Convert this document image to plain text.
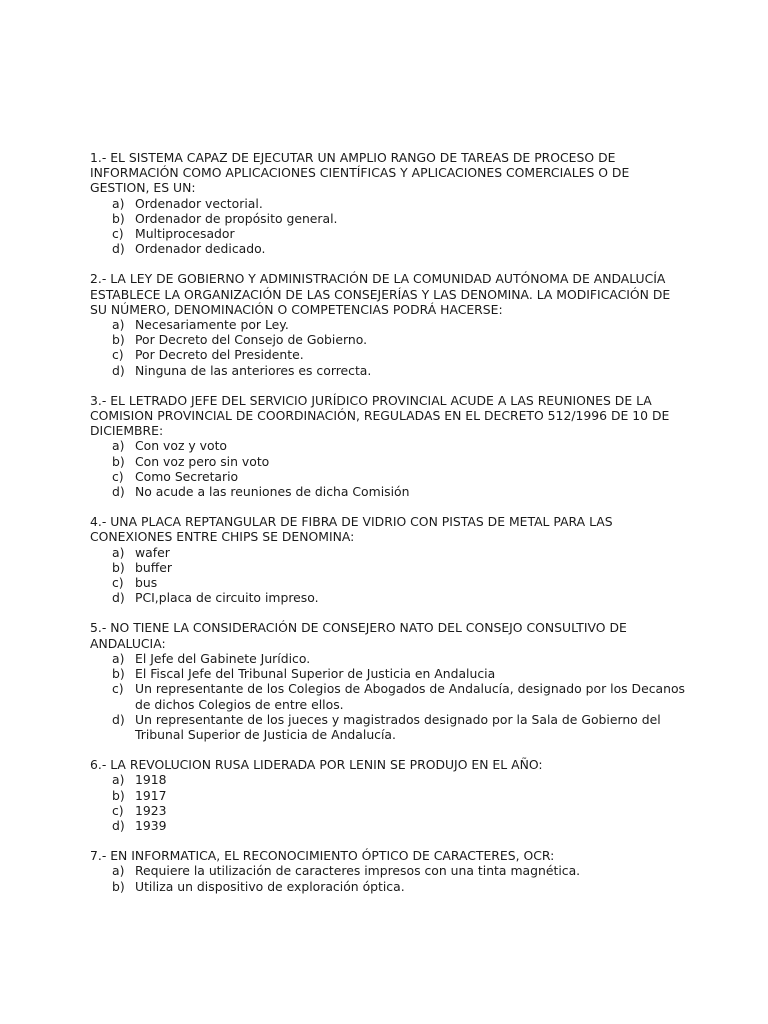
1.- EL SISTEMA CAPAZ DE EJECUTAR UN AMPLIO RANGO DE TAREAS DE PROCESO DE INFORMACIÓN COMO APLICACIONES CIENTÍFICAS Y APLICACIONES COMERCIALES O DE GESTION, ES UN:

a) Ordenador vectorial.
b) Ordenador de propósito general.
c) Multiprocesador
d) Ordenador dedicado.

2.- LA LEY DE GOBIERNO Y ADMINISTRACIÓN DE LA COMUNIDAD AUTÓNOMA DE ANDALUCÍA ESTABLECE LA ORGANIZACIÓN DE LAS CONSEJERÍAS Y LAS DENOMINA. LA MODIFICACIÓN DE SU NÚMERO, DENOMINACIÓN O COMPETENCIAS PODRÁ HACERSE:

a) Necesariamente por Ley.
b) Por Decreto del Consejo de Gobierno.
c) Por Decreto del Presidente.
d) Ninguna de las anteriores es correcta.

3.- EL LETRADO JEFE DEL SERVICIO JURÍDICO PROVINCIAL ACUDE A LAS REUNIONES DE LA COMISION PROVINCIAL DE COORDINACIÓN, REGULADAS EN EL DECRETO 512/1996 DE 10 DE DICIEMBRE:

a) Con voz y voto
b) Con voz pero sin voto
c) Como Secretario
d) No acude a las reuniones de dicha Comisión

4.- UNA PLACA REPTANGULAR DE FIBRA DE VIDRIO CON PISTAS DE METAL PARA LAS CONEXIONES ENTRE CHIPS SE DENOMINA:

a) wafer
b) buffer
c) bus
d) PCI,placa de circuito impreso.

5.- NO TIENE LA CONSIDERACIÓN DE CONSEJERO NATO DEL CONSEJO CONSULTIVO DE ANDALUCIA:

a) El Jefe del Gabinete Jurídico.
b) El Fiscal Jefe del Tribunal Superior de Justicia en Andalucia
c) Un representante de los Colegios de Abogados de Andalucía, designado por los Decanos de dichos Colegios de entre ellos.
d) Un representante de los jueces y magistrados designado por la Sala de Gobierno del Tribunal Superior de Justicia de Andalucía.

6.- LA REVOLUCION RUSA LIDERADA POR LENIN SE PRODUJO EN EL AÑO:

a) 1918
b) 1917
c) 1923
d) 1939

7.- EN INFORMATICA, EL RECONOCIMIENTO ÓPTICO DE CARACTERES, OCR:

a) Requiere la utilización de caracteres impresos con una tinta magnética.
b) Utiliza un dispositivo de exploración óptica.
